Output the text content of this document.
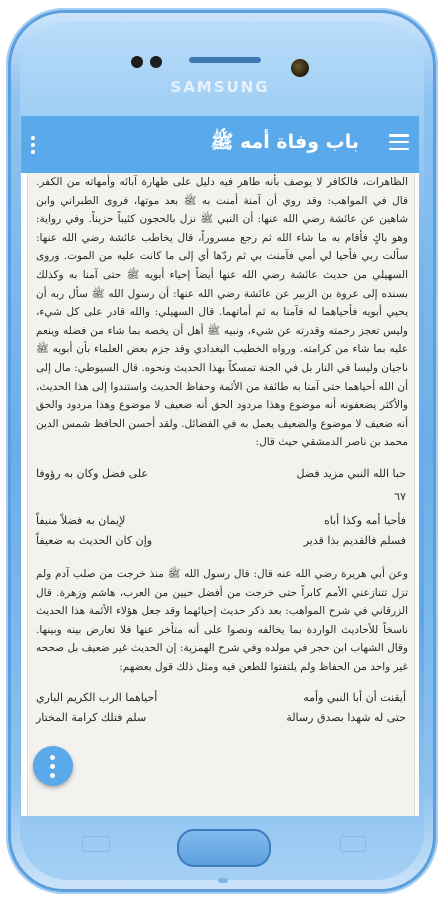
SAMSUNG
باب وفاة أمه ﷺ

الظاهرات، فالكافر لا يوصف بأنه طاهر فيه دليل على طهارة آبائه وأمهاته من الكفر. قال في المواهب: وقد روي أن آمنة أمنت به ﷺ بعد موتها، فروى الطبراني وابن شاهين عن عائشة رضي الله عنها: أن النبي ﷺ نزل بالحجون كئيباً حزيناً. وفي رواية: وهو باكٍ فأقام به ما شاء الله ثم رجع مسروراً، قال يخاطب عائشة رضي الله عنها: سألت ربي فأحيا لي أمي فآمنت بي ثم ردّها أي إلى ما كانت عليه من الموت. وروى السهيلي من حديث عائشة رضي الله عنها أيضاً إحياء أبويه ﷺ حتى آمنا به وكذلك بسنده إلى عروة بن الزبير عن عائشة رضي الله عنها: أن رسول الله ﷺ سأل ربه أن يحيي أبويه فأحياهما له فآمنا به ثم أماتهما. قال السهيلي: والله قادر على كل شيء، وليس تعجز رحمته وقدرته عن شيء، ونبيه ﷺ أهل أن يخصه بما شاء من فضله وينعم عليه بما شاء من كرامته. ورواه الخطيب البغدادي وقد جزم بعض العلماء بأن أبويه ﷺ ناجيان وليسا في النار بل في الجنة تمسكاً بهذا الحديث ونحوه. قال السيوطي: مال إلى أن الله أحياهما حتى آمنا به طائفة من الأئمة وحفاظ الحديث واستندوا إلى هذا الحديث، والأكثر يضعفونه أنه موضوع وهذا مردود الحق أنه ضعيف لا موضوع وهذا مردود والحق أنه ضعيف لا موضوع والضعيف يعمل به في الفضائل. ولقد أحسن الحافظ شمس الدين محمد بن ناصر الدمشقي حيث قال:

حبا الله النبي مزيد فضل
على فضل وكان به رؤوفا
٦٧
فأحيا أمه وكذا أباه
لإيمان به فضلاً منيفاً
فسلم فالقديم بذا قدير
وإن كان الحديث به ضعيفاً

وعن أبي هريرة رضي الله عنه قال: قال رسول الله ﷺ منذ خرجت من صلب آدم ولم تزل تتنازعني الأمم كابراً حتى خرجت من أفضل حيين من العرب، هاشم وزهرة. قال الزرقاني في شرح المواهب: بعد ذكر حديث إحيائهما وقد جعل هؤلاء الأئمة هذا الحديث ناسخاً للأحاديث الواردة بما يخالفه ونصوا على أنه متأخر عنها فلا تعارض بينه وبينها. وقال الشهاب ابن حجر في مولده وفي شرح الهمزية: إن الحديث غير ضعيف بل صححه غير واحد من الحفاظ ولم يلتفتوا للطعن فيه ومثل ذلك قول بعضهم:

أيقنت أن أبا النبي وأمه
أحياهما الرب الكريم الباري
حتى له شهدا بصدق رسالة
سلم فتلك كرامة المختار
